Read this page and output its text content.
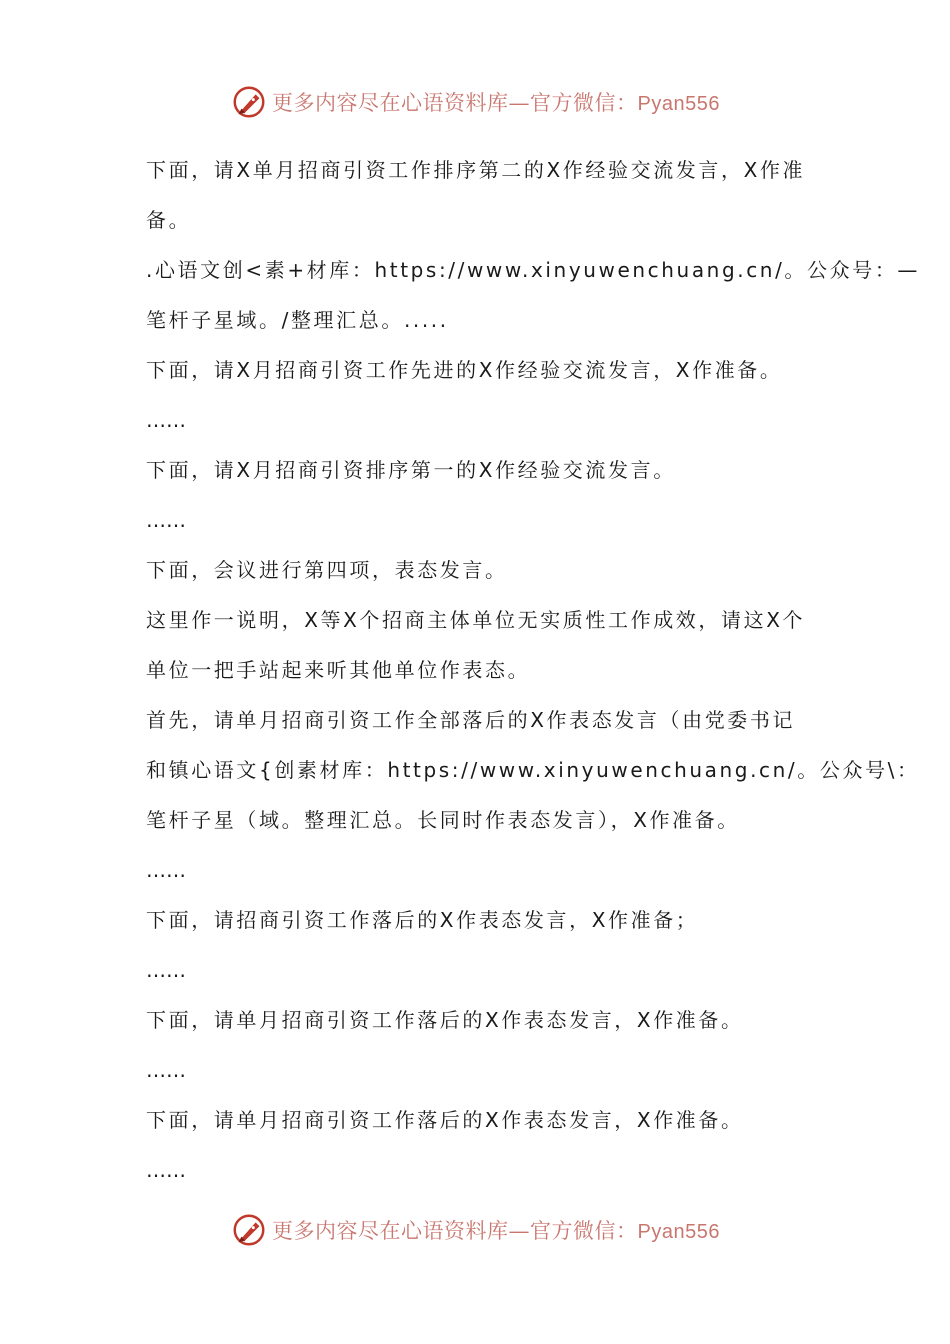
更多内容尽在心语资料库—官方微信：Pyan556
下面，请X单月招商引资工作排序第二的X作经验交流发言，X作准
备。
.心语文创<素+材库：https://www.xinyuwenchuang.cn/。公众号：—
笔杆子星域。/整理汇总。.....
下面，请X月招商引资工作先进的X作经验交流发言，X作准备。
……
下面，请X月招商引资排序第一的X作经验交流发言。
……
下面，会议进行第四项，表态发言。
这里作一说明，X等X个招商主体单位无实质性工作成效，请这X个
单位一把手站起来听其他单位作表态。
首先，请单月招商引资工作全部落后的X作表态发言（由党委书记
和镇心语文{创素材库：https://www.xinyuwenchuang.cn/。公众号\：
笔杆子星（域。整理汇总。长同时作表态发言），X作准备。
……
下面，请招商引资工作落后的X作表态发言，X作准备；
……
下面，请单月招商引资工作落后的X作表态发言，X作准备。
……
下面，请单月招商引资工作落后的X作表态发言，X作准备。
……
更多内容尽在心语资料库—官方微信：Pyan556
